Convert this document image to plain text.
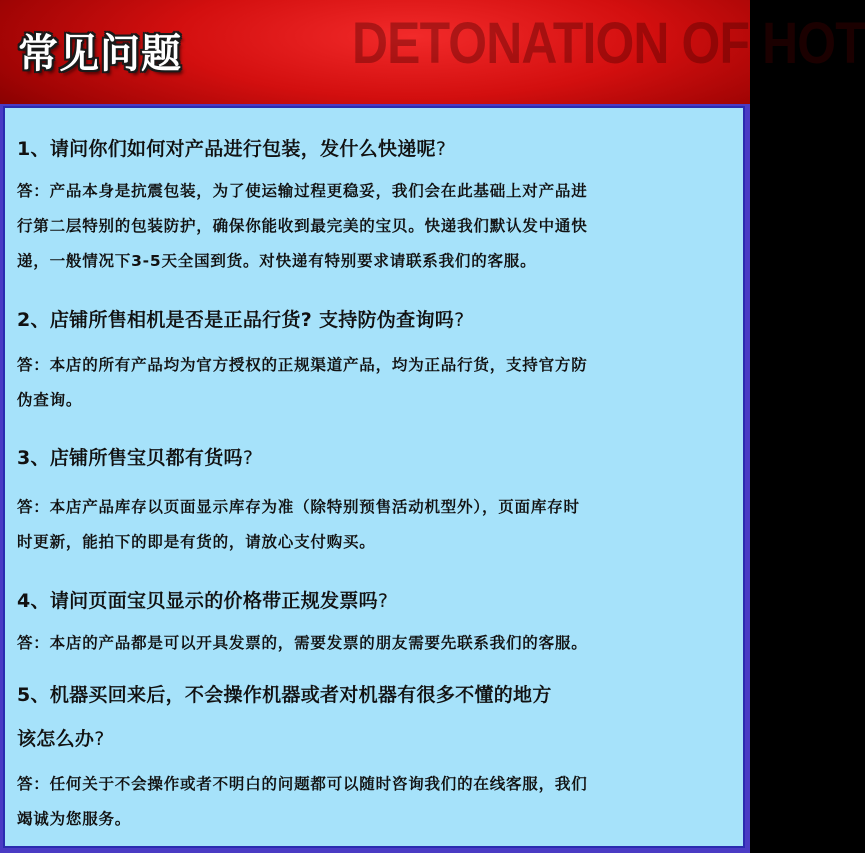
DETONATION OF HOT
常见问题
1、请问你们如何对产品进行包装，发什么快递呢?
答：产品本身是抗震包装，为了使运输过程更稳妥，我们会在此基础上对产品进
行第二层特别的包装防护，确保你能收到最完美的宝贝。快递我们默认发中通快
递，一般情况下3-5天全国到货。对快递有特别要求请联系我们的客服。
2、店铺所售相机是否是正品行货? 支持防伪查询吗?
答：本店的所有产品均为官方授权的正规渠道产品，均为正品行货，支持官方防
伪查询。
3、店铺所售宝贝都有货吗?
答：本店产品库存以页面显示库存为准（除特别预售活动机型外），页面库存时
时更新，能拍下的即是有货的，请放心支付购买。
4、请问页面宝贝显示的价格带正规发票吗?
答：本店的产品都是可以开具发票的，需要发票的朋友需要先联系我们的客服。
5、机器买回来后，不会操作机器或者对机器有很多不懂的地方
该怎么办?
答：任何关于不会操作或者不明白的问题都可以随时咨询我们的在线客服，我们
竭诚为您服务。
